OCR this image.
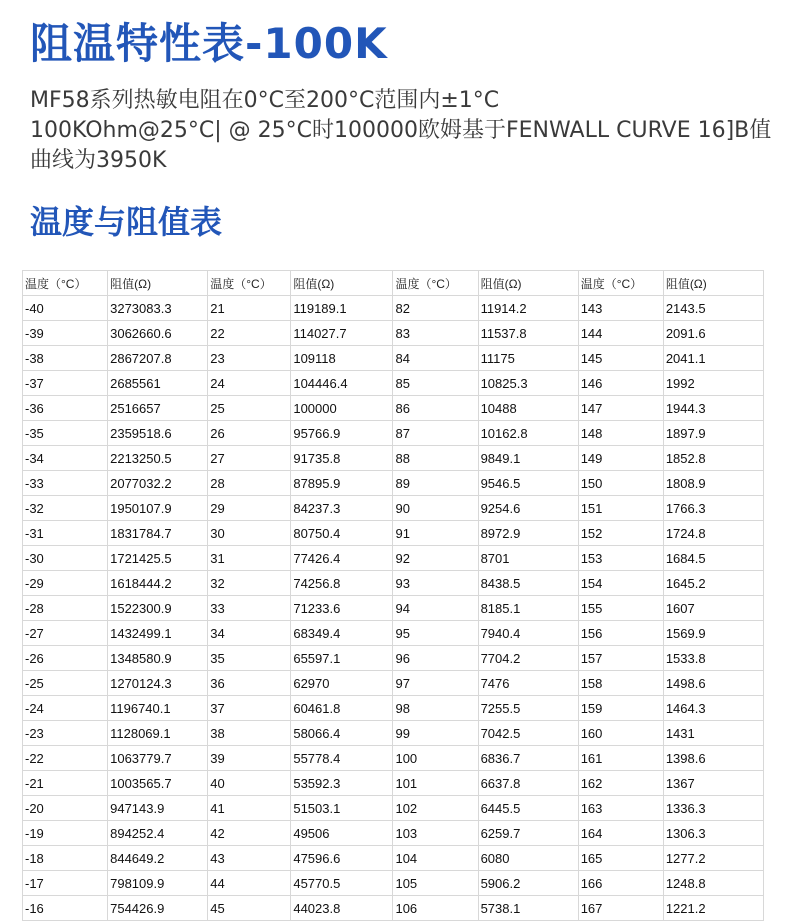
阻温特性表-100K
MF58系列热敏电阻在0°C至200°C范围内±1°C
100KOhm@25°C| @ 25°C时100000欧姆基于FENWALL CURVE 16]B值
曲线为3950K
温度与阻值表
温度（°C）	阻值(Ω)	温度（°C）	阻值(Ω)	温度（°C）	阻值(Ω)	温度（°C）	阻值(Ω)
-40	3273083.3	21	119189.1	82	11914.2	143	2143.5
-39	3062660.6	22	114027.7	83	11537.8	144	2091.6
-38	2867207.8	23	109118	84	11175	145	2041.1
-37	2685561	24	104446.4	85	10825.3	146	1992
-36	2516657	25	100000	86	10488	147	1944.3
-35	2359518.6	26	95766.9	87	10162.8	148	1897.9
-34	2213250.5	27	91735.8	88	9849.1	149	1852.8
-33	2077032.2	28	87895.9	89	9546.5	150	1808.9
-32	1950107.9	29	84237.3	90	9254.6	151	1766.3
-31	1831784.7	30	80750.4	91	8972.9	152	1724.8
-30	1721425.5	31	77426.4	92	8701	153	1684.5
-29	1618444.2	32	74256.8	93	8438.5	154	1645.2
-28	1522300.9	33	71233.6	94	8185.1	155	1607
-27	1432499.1	34	68349.4	95	7940.4	156	1569.9
-26	1348580.9	35	65597.1	96	7704.2	157	1533.8
-25	1270124.3	36	62970	97	7476	158	1498.6
-24	1196740.1	37	60461.8	98	7255.5	159	1464.3
-23	1128069.1	38	58066.4	99	7042.5	160	1431
-22	1063779.7	39	55778.4	100	6836.7	161	1398.6
-21	1003565.7	40	53592.3	101	6637.8	162	1367
-20	947143.9	41	51503.1	102	6445.5	163	1336.3
-19	894252.4	42	49506	103	6259.7	164	1306.3
-18	844649.2	43	47596.6	104	6080	165	1277.2
-17	798109.9	44	45770.5	105	5906.2	166	1248.8
-16	754426.9	45	44023.8	106	5738.1	167	1221.2
